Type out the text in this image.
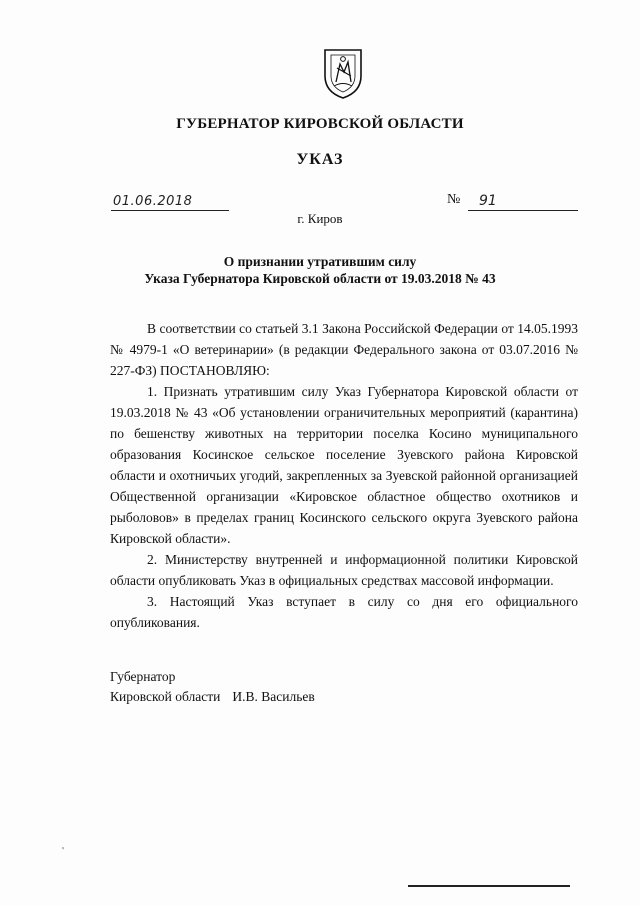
ГУБЕРНАТОР КИРОВСКОЙ ОБЛАСТИ
УКАЗ
01.06.2018	№ 91
г. Киров
О признании утратившим силу
Указа Губернатора Кировской области от 19.03.2018 № 43

В соответствии со статьей 3.1 Закона Российской Федерации от 14.05.1993 № 4979-1 «О ветеринарии» (в редакции Федерального закона от 03.07.2016 № 227-ФЗ) ПОСТАНОВЛЯЮ:

1. Признать утратившим силу Указ Губернатора Кировской области от 19.03.2018 № 43 «Об установлении ограничительных мероприятий (карантина) по бешенству животных на территории поселка Косино муниципального образования Косинское сельское поселение Зуевского района Кировской области и охотничьих угодий, закрепленных за Зуевской районной организацией Общественной организации «Кировское областное общество охотников и рыболовов» в пределах границ Косинского сельского округа Зуевского района Кировской области».

2. Министерству внутренней и информационной политики Кировской области опубликовать Указ в официальных средствах массовой информации.

3. Настоящий Указ вступает в силу со дня его официального опубликования.

Губернатор
Кировской области И.В. Васильев
